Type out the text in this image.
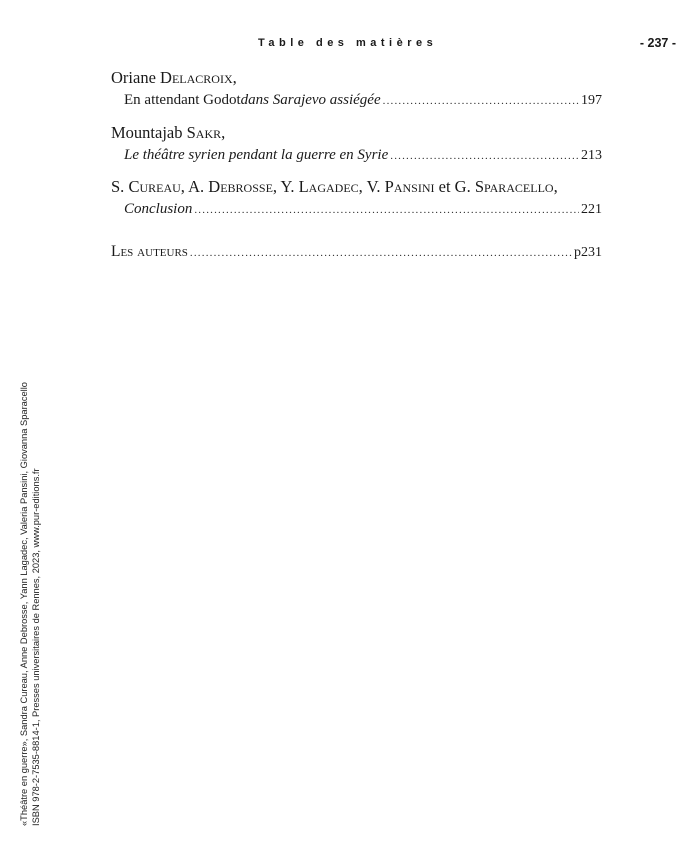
Table des matières	- 237 -
Oriane Delacroix,
En attendant Godot dans Sarajevo assiégée .....	197
Mountajab Sakr,
Le théâtre syrien pendant la guerre en Syrie .....	213
S. Cureau, A. Debrosse, Y. Lagadec, V. Pansini et G. Sparacello,
Conclusion .....	221
Les auteurs .....	p231
«Théâtre en guerre», Sandra Cureau, Anne Debrosse, Yann Lagadec, Valeria Pansini, Giovanna Sparacello ISBN 978-2-7535-8814-1, Presses universitaires de Rennes, 2023, www.pur-editions.fr
